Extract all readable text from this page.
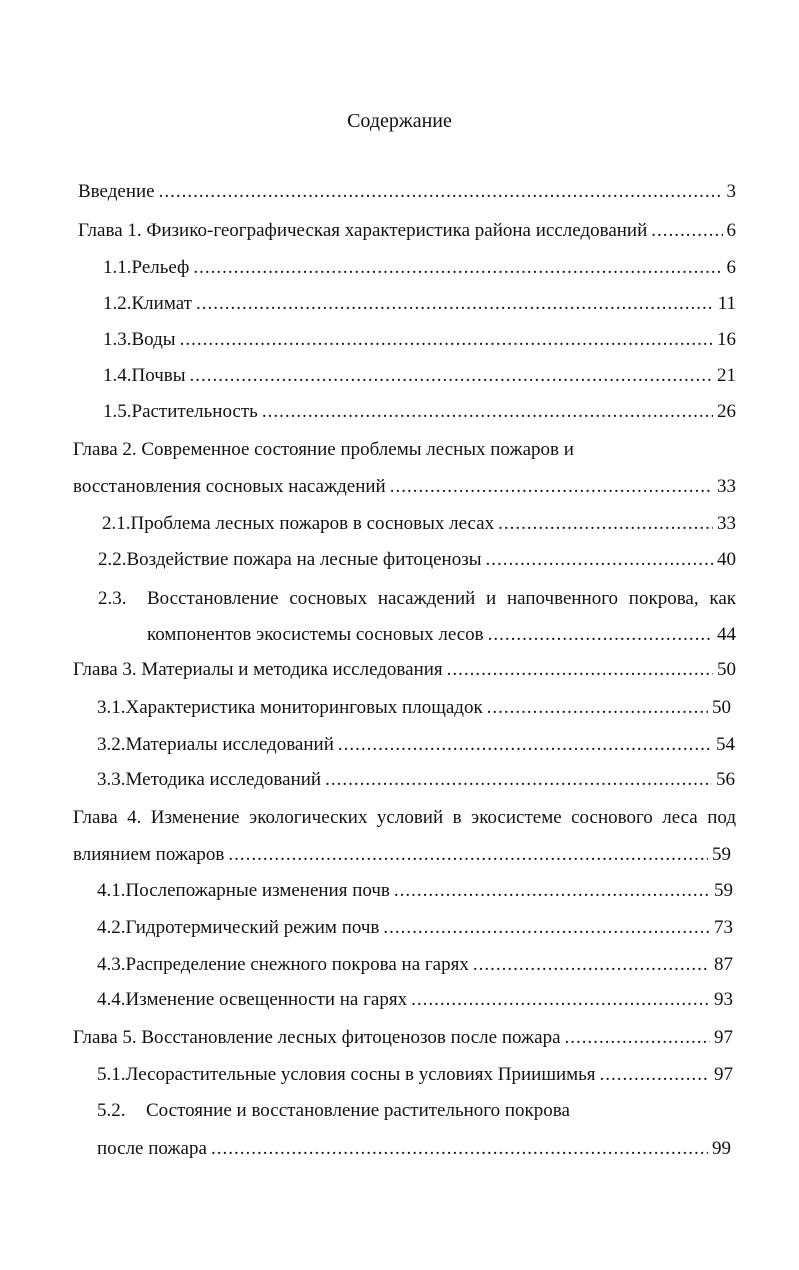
Содержание
Введение .....	3
Глава 1. Физико-географическая характеристика района исследований .....	6
1.1. Рельеф .....	6
1.2. Климат .....	11
1.3. Воды .....	16
1.4. Почвы .....	21
1.5. Растительность .....	26
Глава 2. Современное состояние проблемы лесных пожаров и
восстановления сосновых насаждений .....	33
2.1. Проблема лесных пожаров в сосновых лесах .....	33
2.2. Воздействие пожара на лесные фитоценозы .....	40
2.3.	Восстановление сосновых насаждений и напочвенного покрова, как
компонентов экосистемы сосновых лесов .....	44
Глава 3. Материалы и методика исследования .....	50
3.1. Характеристика мониторинговых площадок .....	50
3.2. Материалы исследований .....	54
3.3. Методика исследований .....	56
Глава 4. Изменение экологических условий в экосистеме соснового леса под
влиянием пожаров .....	59
4.1. Послепожарные изменения почв .....	59
4.2. Гидротермический режим почв .....	73
4.3. Распределение снежного покрова на гарях .....	87
4.4. Изменение освещенности на гарях .....	93
Глава 5. Восстановление лесных фитоценозов после пожара .....	97
5.1. Лесорастительные условия сосны в условиях Приишимья .....	97
5.2.	Состояние и восстановление растительного покрова
после пожара .....	99
